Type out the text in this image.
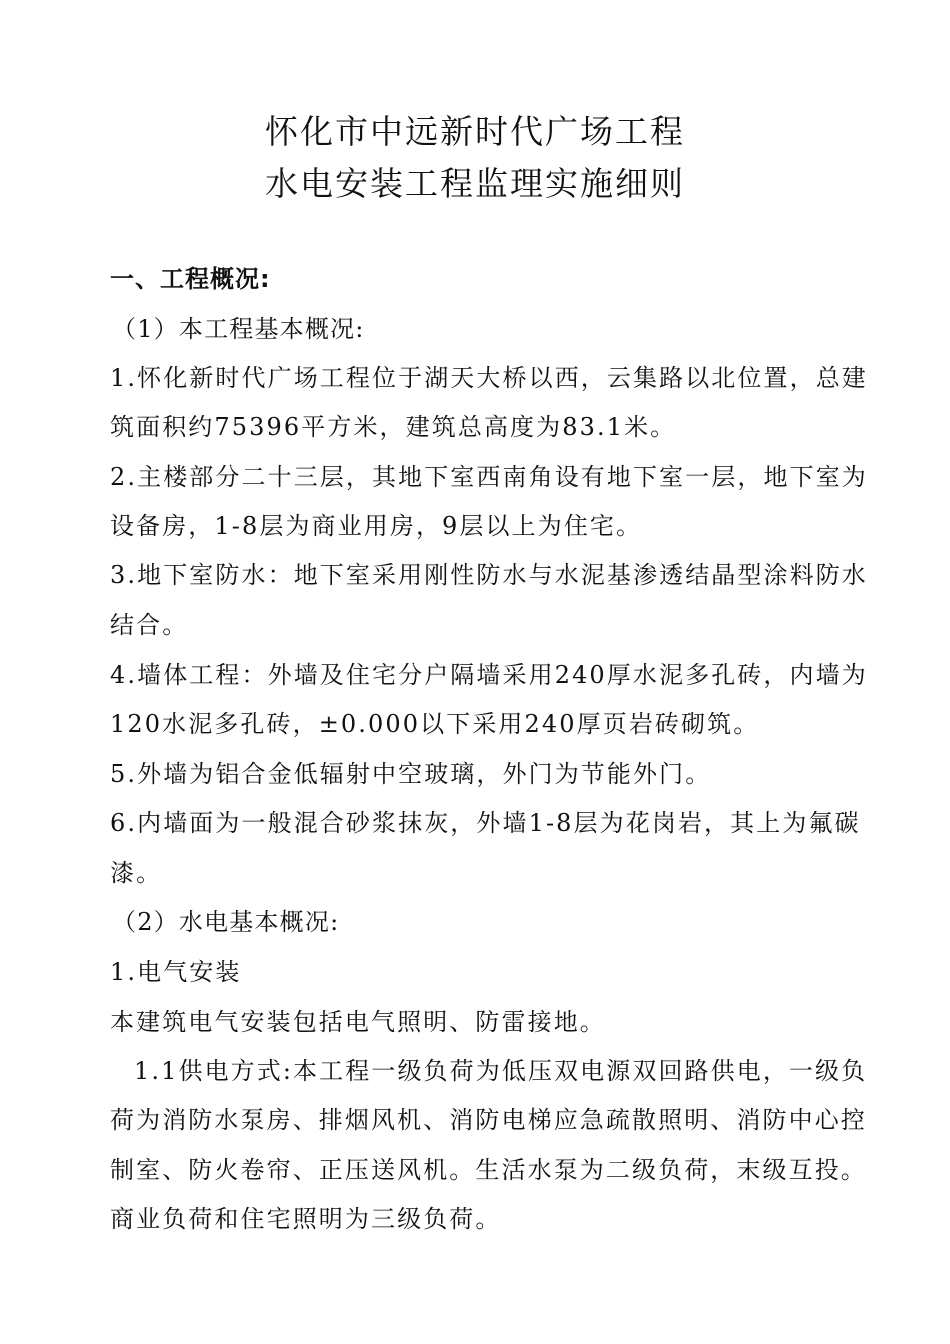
怀化市中远新时代广场工程
水电安装工程监理实施细则
一、工程概况:
（1）本工程基本概况:
1.怀化新时代广场工程位于湖天大桥以西，云集路以北位置，总建
筑面积约75396平方米，建筑总高度为83.1米。
2.主楼部分二十三层，其地下室西南角设有地下室一层，地下室为
设备房，1-8层为商业用房，9层以上为住宅。
3.地下室防水：地下室采用刚性防水与水泥基渗透结晶型涂料防水
结合。
4.墙体工程：外墙及住宅分户隔墙采用240厚水泥多孔砖，内墙为
120水泥多孔砖，±0.000以下采用240厚页岩砖砌筑。
5.外墙为铝合金低辐射中空玻璃，外门为节能外门。
6.内墙面为一般混合砂浆抹灰，外墙1-8层为花岗岩，其上为氟碳
漆。
（2）水电基本概况:
1.电气安装
本建筑电气安装包括电气照明、防雷接地。
1.1供电方式:本工程一级负荷为低压双电源双回路供电，一级负
荷为消防水泵房、排烟风机、消防电梯应急疏散照明、消防中心控
制室、防火卷帘、正压送风机。生活水泵为二级负荷，末级互投。
商业负荷和住宅照明为三级负荷。
